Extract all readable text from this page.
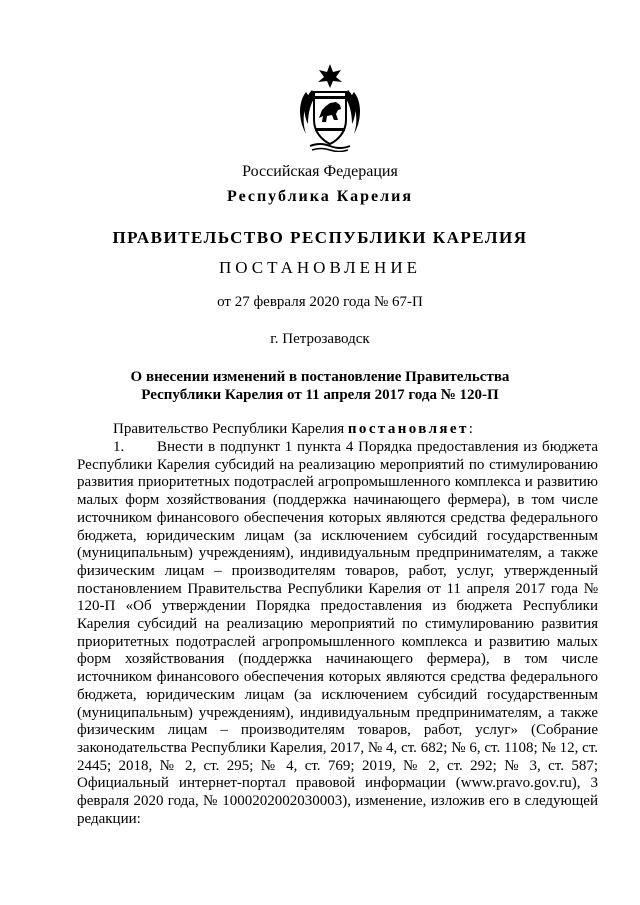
Российская Федерация
Республика Карелия
ПРАВИТЕЛЬСТВО РЕСПУБЛИКИ КАРЕЛИЯ
ПОСТАНОВЛЕНИЕ
от 27 февраля 2020 года № 67-П
г. Петрозаводск
О внесении изменений в постановление Правительства
Республики Карелия от 11 апреля 2017 года № 120-П
Правительство Республики Карелия постановляет:
1. Внести в подпункт 1 пункта 4 Порядка предоставления из бюджета Республики Карелия субсидий на реализацию мероприятий по стимулированию развития приоритетных подотраслей агропромышленного комплекса и развитию малых форм хозяйствования (поддержка начинающего фермера), в том числе источником финансового обеспечения которых являются средства федерального бюджета, юридическим лицам (за исключением субсидий государственным (муниципальным) учреждениям), индивидуальным предпринимателям, а также физическим лицам – производителям товаров, работ, услуг, утвержденный постановлением Правительства Республики Карелия от 11 апреля 2017 года № 120-П «Об утверждении Порядка предоставления из бюджета Республики Карелия субсидий на реализацию мероприятий по стимулированию развития приоритетных подотраслей агропромышленного комплекса и развитию малых форм хозяйствования (поддержка начинающего фермера), в том числе источником финансового обеспечения которых являются средства федерального бюджета, юридическим лицам (за исключением субсидий государственным (муниципальным) учреждениям), индивидуальным предпринимателям, а также физическим лицам – производителям товаров, работ, услуг» (Собрание законодательства Республики Карелия, 2017, № 4, ст. 682; № 6, ст. 1108; № 12, ст. 2445; 2018, № 2, ст. 295; № 4, ст. 769; 2019, № 2, ст. 292; № 3, ст. 587; Официальный интернет-портал правовой информации (www.pravo.gov.ru), 3 февраля 2020 года, № 1000202002030003), изменение, изложив его в следующей редакции:
